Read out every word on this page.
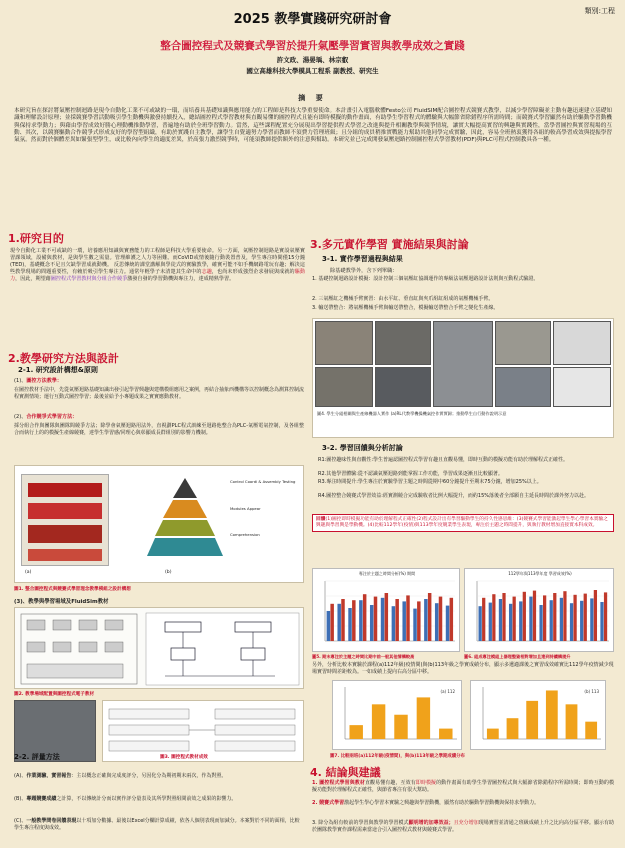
類別:工程
2025 教學實踐研究研討會
整合圖控程式及競賽式學習於提升氣壓學習實習與教學成效之實踐
許文政、湯晏瑀、林宗叡
國立高雄科技大學模具工程系 副教授、研究生
摘 要
本研究旨在探討將氣壓控制迴路是現今自動化工業不可或缺的一環，而培養具基礎知識與應用能力的工程師是科技大學重要使命。本計畫引入電腦軟體Festo公司 FluidSIM配合圖控程式競賽式教學，以減少學習障礙並主動有趣迅速建立基礎知識和理解設計原理；並採競賽學習活動吸引學生動機與激發持續投入，總結圖控程式學習教材與直觀易懂的圖控程式且能有即時模擬的動作畫面，有助學生學習程式的體驗與大幅節省除錯程序所需時間；而競賽式學習顯然有助於驅動學習動機與保持求學動力；與藉由學習成效好勝心理動機推動學習，普遍地有助於全班學習動力。當然，這些課程配置充分展現出學習提供程式學習之改進與提升相關教學與競爭情境，讓實大幅提高實習的興趣與實踐性，當學習圖控與實習現場的互動、其次，以競賽驅動合作競爭式形成友好的學習型組織，有助於實踐自主教學，讓學生自覺適努力學習而教師不須費力管理班級；且分組的成員稍推實戰能力幫助其他同學完成實驗，因此，容易全班熱衷獲得各組的較高學習成效與提振學習氣氛。然而對於個體差異如緊張型學生，或比較內向學生的適度差異，於高張力激烈競爭時，可能須教師提供額外的注意與幫助。本研究並已完成開發氣壓迴路控制圖控程式學習教材(PDF)與PLC可程式控制教具各一種。
1.研究目的
現今自動化工業不可或缺的一環，培養應用知識與實務能力的工程師是科技大學重要使命。另一方面，氣壓控制迴路是實設氣壓實習課領域，設備與教材，是與學生數之需量。管理維護之人力等困難。而CoVID或情後隨行動裝置普及，學生專注時間僅15分鐘(TED)，基礎概念不足且欠缺學習成就動機。 反思傳統的課堂講解與學徒式的實驗教學，確實可能不如手機網路電玩有趣；解決這些教學現場的問題重要性，有賴於吸引學生專注力。通常年輕學子未清楚其生命中的志趣，也尚未形成強烈企求發展與成就的驅動力，因此，期望藉圖控程式學習教材與分組合作競爭激發自發的學習動機與專注力，達成精熟學習。
2.教學研究方法與設計
2-1. 研究設計構想&原則
(1)、圖控方法教學：
在圖控教材手法中，先從氣壓迴路基礎知識出發引起學習興趣與建構模組應用之案例，再結合抽象西機構等以控制概念為測算控制流程實測情境；運行互動式圖控學習；最後並給予小專題成果之實實應動教材。
(2)、合作競爭式學習方法：
採分組合作與團隊與團隊間競爭方法；除學會氣壓迴路用法外，直視劃PLC程式訓練至迴路他整合為PLC-氣壓電氣控制，及各組整合而執行上的的模擬生產線競賽，達學生學習感/同理心與彰顯成長群組別的影響力機制。
Control Coordi & Assembly Testing
Modules Appear
Comprehension
(a)	(b)
圖1. 整合圖控程式與競賽式學習理念教學模組之設計構想
(3)、教學與學習場域及FluidSim教材
圖2. 教學場域配置與圖控程式電子教材
2-2. 評量方法	圖3. 圖控程式教材成效
(A)、作業測驗、實習報告：主以概念正確與完成度評分，另因化分為期初期末兩次，作為對照。
(B)、專題競賽成績之計算，不以傳統計分而以實作評分量表及其所學對照組間前效之成果的影響力。
(C)、一般教學問卷回饋表現以十項加分數據、最後以Excel分欄計算成績，依各人個別表現而加減分。本案對於不同的面相，比較學生專注程度與成效。
3.多元實作學習 實施結果與討論
3-1. 實作學習過程與結果
除基礎教學外，含下列單職：
1. 基礎控制迴路設計模擬：設計控制三個氣壓缸協調運作的專級法氣壓迴路設計法則與互動程式驗證。
2. 三氣壓缸之機械手臂實習：由水平缸、垂直缸與夾爪組缸組成的氣壓機械手臂。
3. 輸送帶整合：將氣壓機械手臂與輸送帶整合，模擬輸送帶整合手臂之變化生產線。
圖4. 學生分組相關與生產線機器人實作 (a)RL代教學機操機氣控作實實歸；推動學生自行動作說明示意
3-2. 學習回饋與分析討論
R1:圖控趣味性與直觀性:學生普遍認圖控程式學習有趣且直觀易懂，即時互動的模擬功能有助於理解程式正確性。
R2.其他學習體驗:從不認識氣壓迴路到能掌握工作功能，學習成果逐漸且比較顯著。
R3.專注時間提升:學生專注於實驗學習主題之時間從期中60分鐘提升至期末75分鐘，增加25%以上。
R4.圖控整合競賽式學習效益:經實測競合完成驗收者比例大幅提升，而約15%落後者全部願自主延長時間於課外努力以赴。
回饋(1)圖控即時模擬功能有助於理解程式正確性(2)程式設計出有學習驅動學生的持久性感思維：(3)競賽式學習能激起學生學心學習本實驗之興趣與學習興是學動機。(4)比較112學年(疫情)與113學年度競業學生表現，專注於主題之時間提升，與執行教材增加直接實本科成效。
專注於主題之時間分析(%) 期間	112學年與113學年度 學習成效(%)
圖5. 期末專注於主題之時間比期中前一般其他情構較高	圖6. 組成專注模組上器理整資相對增加且達到持續構提升
另外，分析比較本實驗於課程(a)112年級(疫情間)與(b)113年級之學實成績分布，顯示多遺適課後之實習成效確實比112學年疫情減少現場實習時間差距較為。一如成績上提向右高分區中移。
(a) 112	(b) 113
圖7. 比較兩班(a)112年級(疫情間)，與(b)113年級之學期成績分布
4. 結論與建議
1. 圖控程式學習與教材直觀易懂有趣，互效有即時模擬的動作畫面有助學生學習圖控程式與大幅節省除錯程序所需時間；即時互動的模擬功能對於理解程式正確性，與節省專注有很大幫助。
2. 競賽式學習激起學生學心學習本實驗之興趣與學習動機，顯然有助於驅動學習動機與保持求學動力。
3. 降分為組有較前的學習與教學的學習模式顯明增的加專效益；且充分增加現場實習並清通之班級成績上升之比向高分區平移。顯示有助於團隊教學實作課程需素當途合引入圖控程式教材與競賽式學習。
